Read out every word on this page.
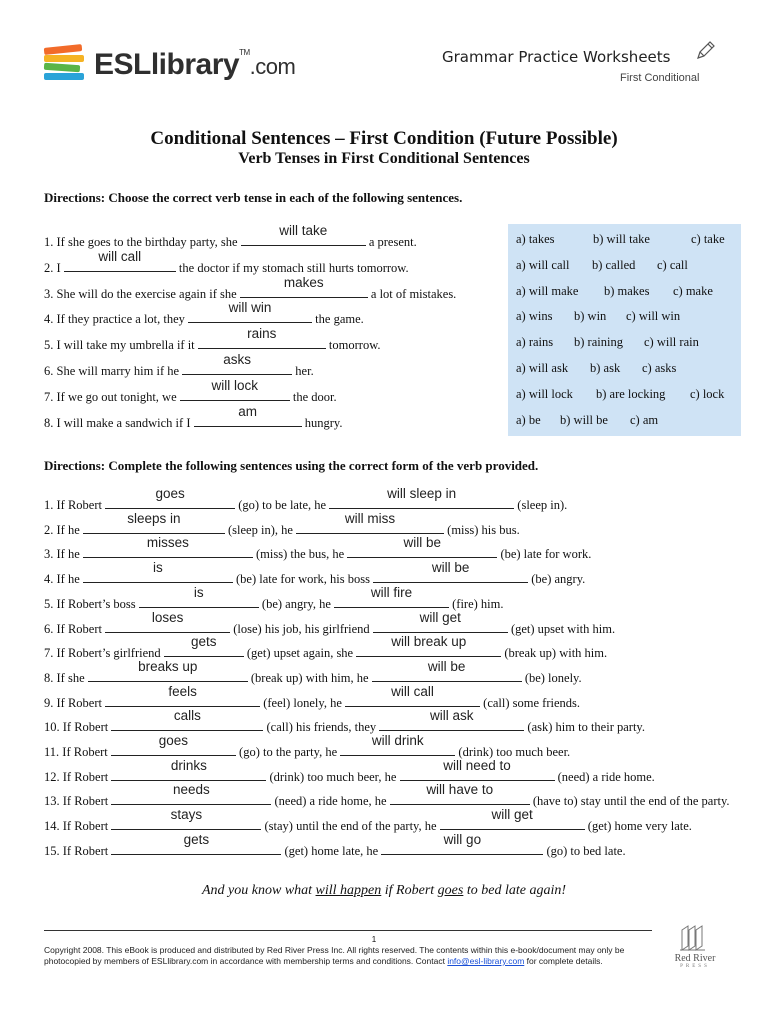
ESLlibrary™.com	Grammar Practice Worksheets
First Conditional
Conditional Sentences – First Condition (Future Possible)
Verb Tenses in First Conditional Sentences
Directions: Choose the correct verb tense in each of the following sentences.
1. If she goes to the birthday party, she
will take
a present.	a) takes	b) will take	c) take
2. I
will call
the doctor if my stomach still hurts tomorrow.	a) will call b) called c) call
3. She will do the exercise again if she
makes
a lot of mistakes.	a) will make b) makes c) make
4. If they practice a lot, they
will win
the game.	a) wins b) win c) will win
5. I will take my umbrella if it
rains
tomorrow.	a) rains b) raining c) will rain
6. She will marry him if he
asks
her.	a) will ask b) ask c) asks
7. If we go out tonight, we
will lock
the door.	a) will lock b) are locking c) lock
8. I will make a sandwich if I
am
hungry.	a) be b) will be c) am
Directions: Complete the following sentences using the correct form of the verb provided.
1. If Robert
goes
(go) to be late, he
will sleep in
(sleep in).
2. If he
sleeps in
(sleep in), he
will miss
(miss) his bus.
3. If he
misses
(miss) the bus, he
will be
(be) late for work.
4. If he
is
(be) late for work, his boss
will be
(be) angry.
5. If Robert’s boss
is
(be) angry, he
will fire
(fire) him.
6. If Robert
loses
(lose) his job, his girlfriend
will get
(get) upset with him.
7. If Robert’s girlfriend
gets
(get) upset again, she
will break up
(break up) with him.
8. If she
breaks up
(break up) with him, he
will be
(be) lonely.
9. If Robert
feels
(feel) lonely, he
will call
(call) some friends.
10. If Robert
calls
(call) his friends, they
will ask
(ask) him to their party.
11. If Robert
goes
(go) to the party, he
will drink
(drink) too much beer.
12. If Robert
drinks
(drink) too much beer, he
will need to
(need) a ride home.
13. If Robert
needs
(need) a ride home, he
will have to
(have to) stay until the end of the party.
14. If Robert
stays
(stay) until the end of the party, he
will get
(get) home very late.
15. If Robert
gets
(get) home late, he
will go
(go) to bed late.
And you know what will happen if Robert goes to bed late again!
1
Copyright 2008. This eBook is produced and distributed by Red River Press Inc. All rights reserved. The contents within this e-book/document may only be photocopied by members of ESLlibrary.com in accordance with membership terms and conditions. Contact info@esl-library.com for complete details.	Red River
PRESS
